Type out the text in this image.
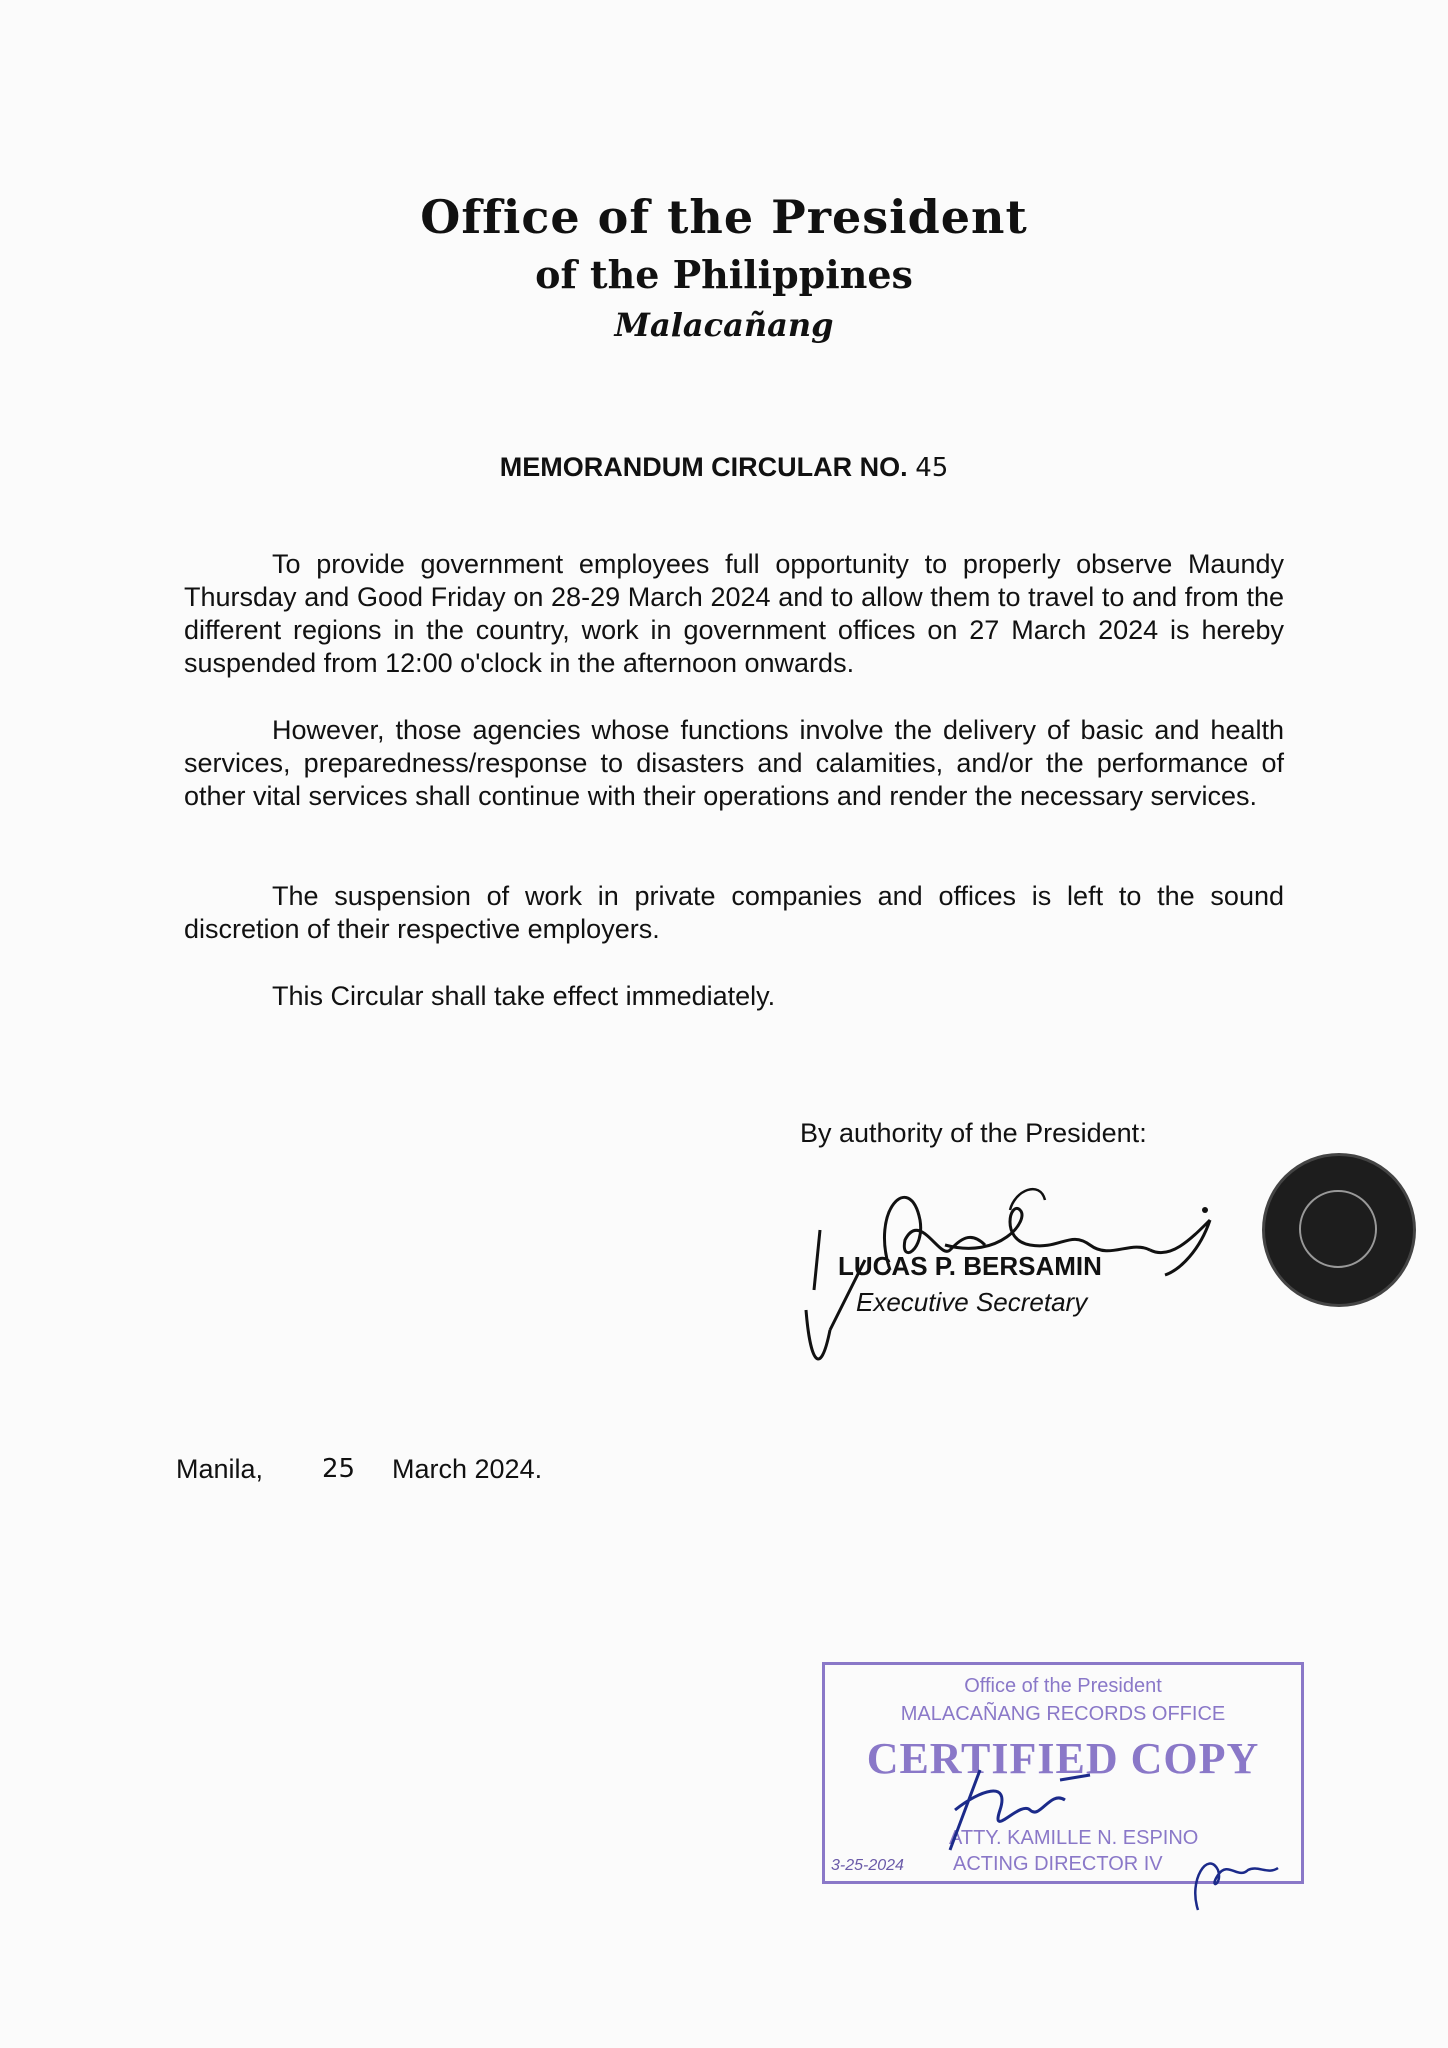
Office of the President
of the Philippines
Malacañang
MEMORANDUM CIRCULAR NO. 45

To provide government employees full opportunity to properly observe Maundy Thursday and Good Friday on 28-29 March 2024 and to allow them to travel to and from the different regions in the country, work in government offices on 27 March 2024 is hereby suspended from 12:00 o'clock in the afternoon onwards.

However, those agencies whose functions involve the delivery of basic and health services, preparedness/response to disasters and calamities, and/or the performance of other vital services shall continue with their operations and render the necessary services.

The suspension of work in private companies and offices is left to the sound discretion of their respective employers.

This Circular shall take effect immediately.

By authority of the President:
LUCAS P. BERSAMIN
Executive Secretary
Manila, 25 March 2024.
Office of the President
MALACAÑANG RECORDS OFFICE
CERTIFIED COPY
ATTY. KAMILLE N. ESPINO
ACTING DIRECTOR IV
3-25-2024
